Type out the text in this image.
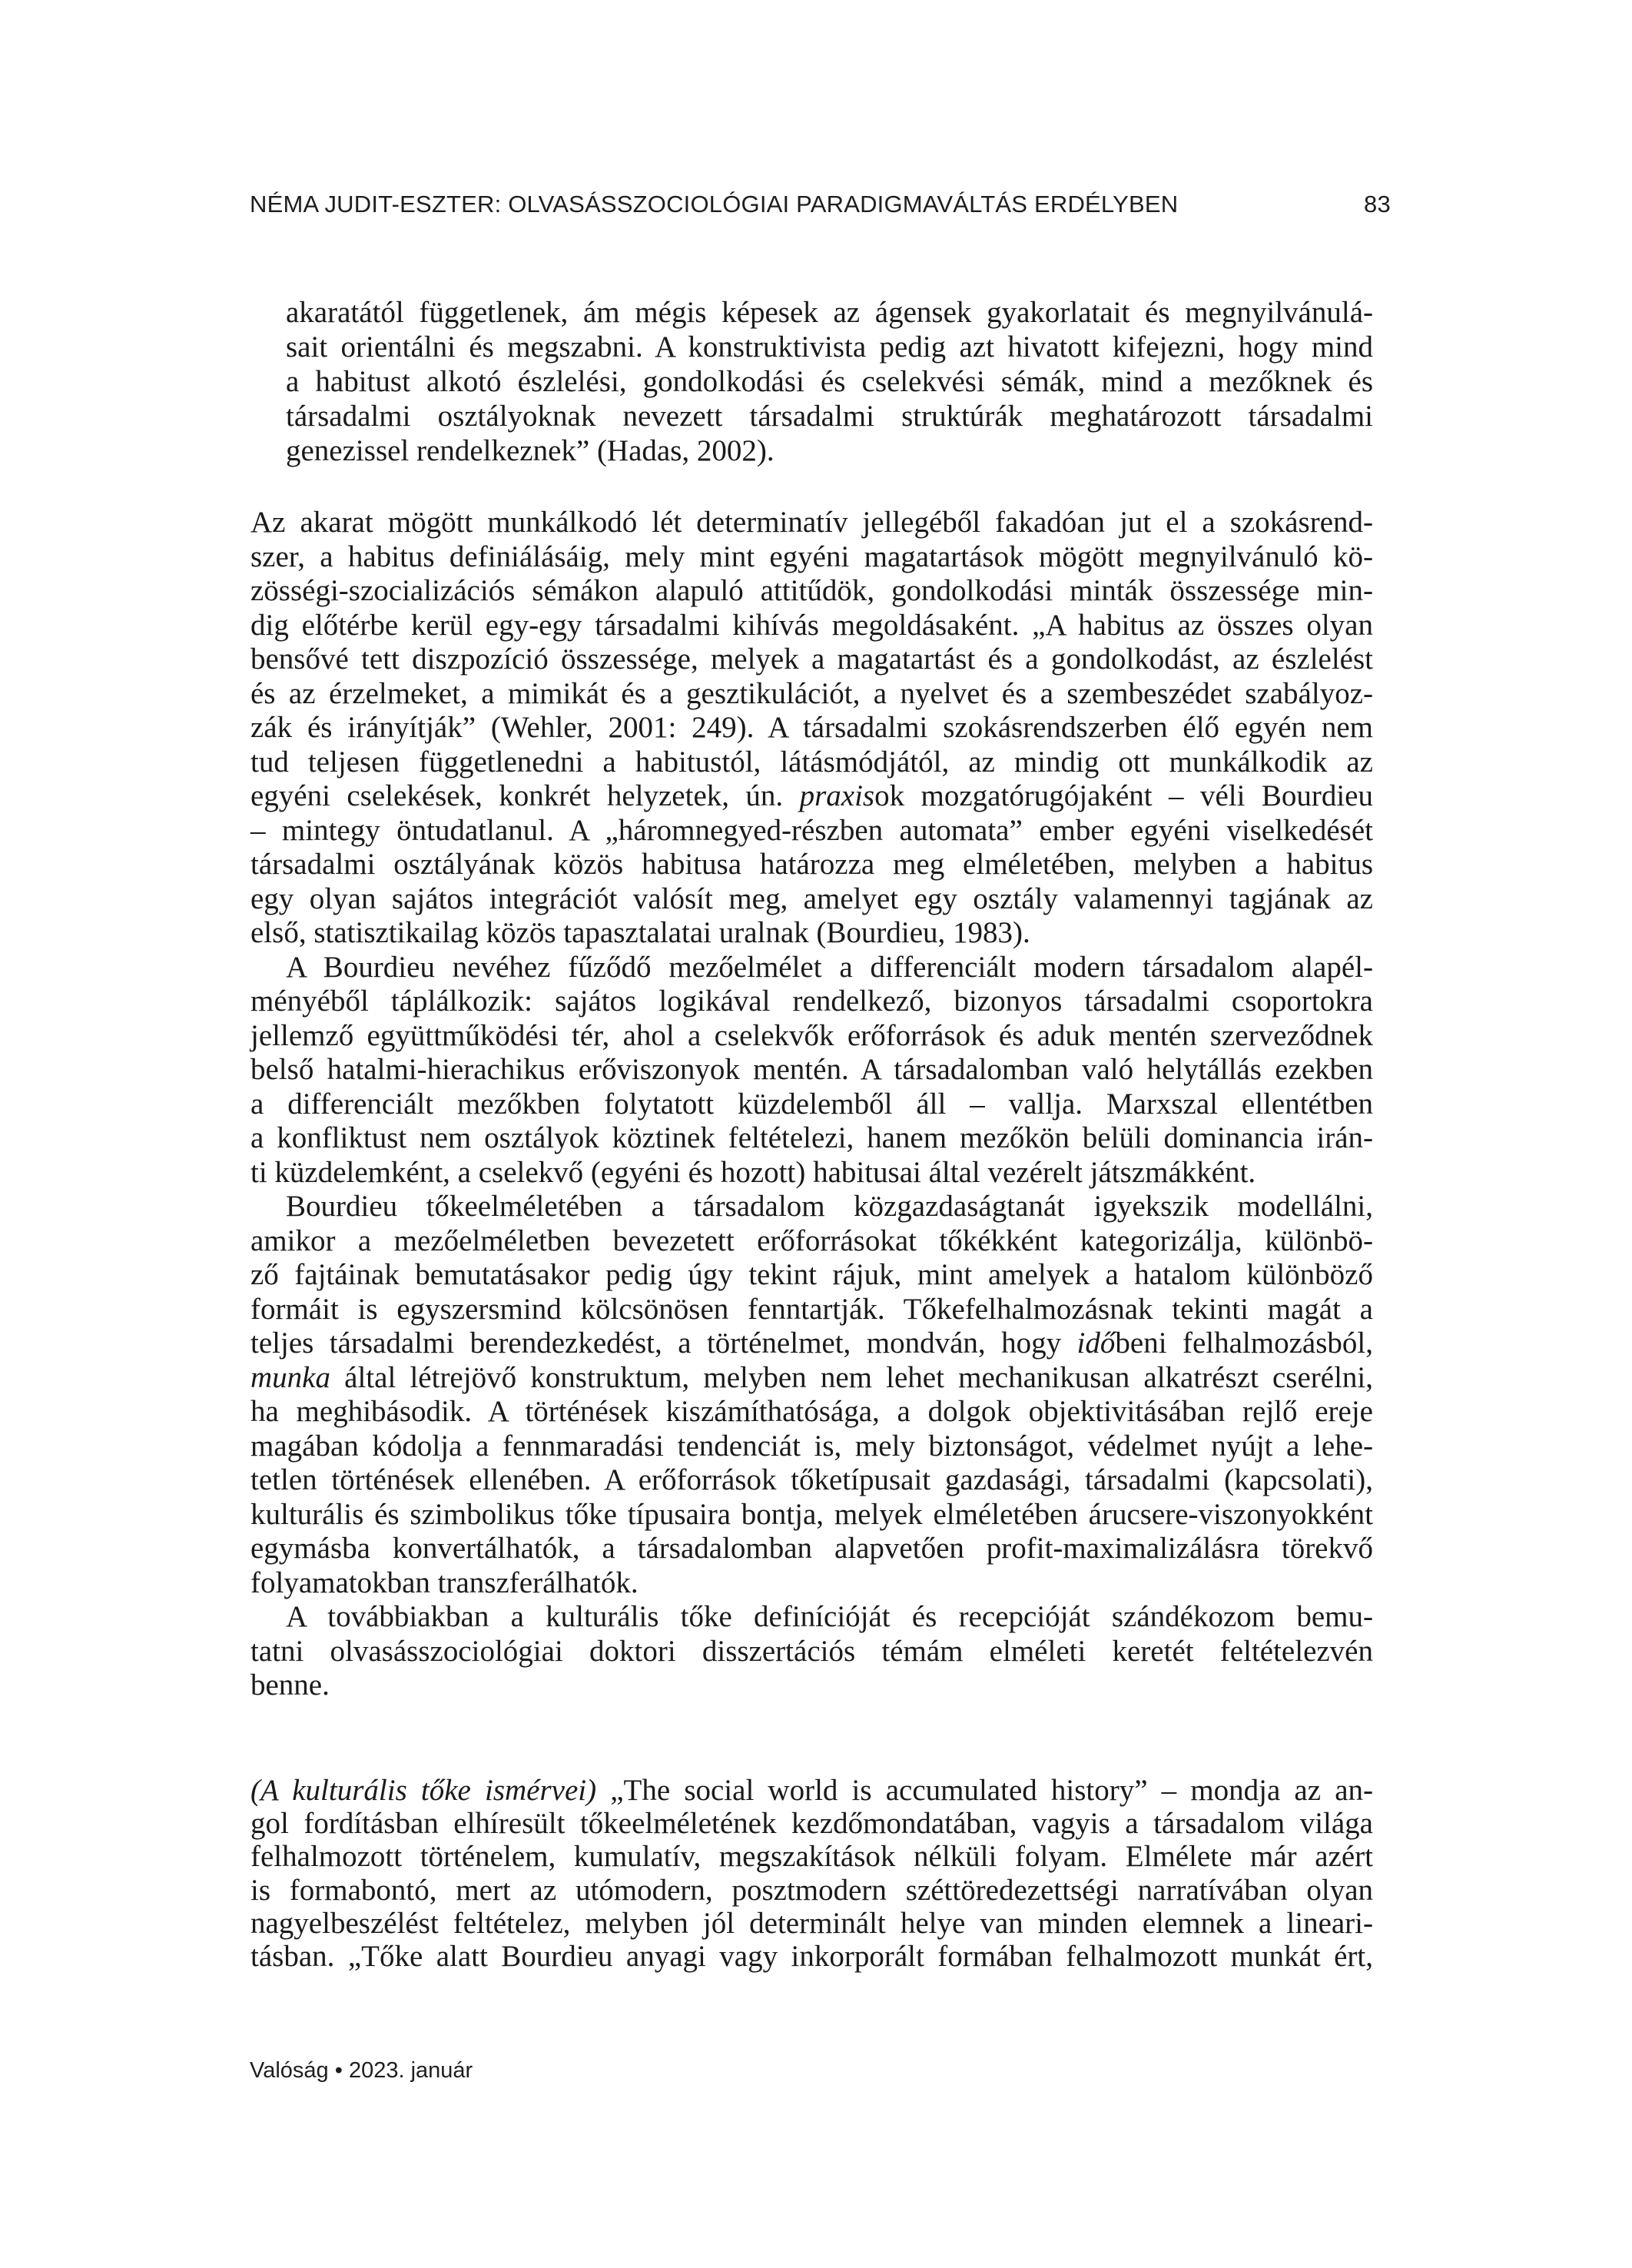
NÉMA JUDIT-ESZTER: OLVASÁSSZOCIOLÓGIAI PARADIGMAVÁLTÁS ERDÉLYBEN	83
akaratától függetlenek, ám mégis képesek az ágensek gyakorlatait és megnyilvánulá-
sait orientálni és megszabni. A konstruktivista pedig azt hivatott kifejezni, hogy mind
a habitust alkotó észlelési, gondolkodási és cselekvési sémák, mind a mezőknek és
társadalmi osztályoknak nevezett társadalmi struktúrák meghatározott társadalmi
genezissel rendelkeznek” (Hadas, 2002).
Az akarat mögött munkálkodó lét determinatív jellegéből fakadóan jut el a szokásrend-
szer, a habitus definiálásáig, mely mint egyéni magatartások mögött megnyilvánuló kö-
zösségi-szocializációs sémákon alapuló attitűdök, gondolkodási minták összessége min-
dig előtérbe kerül egy-egy társadalmi kihívás megoldásaként. „A habitus az összes olyan
bensővé tett diszpozíció összessége, melyek a magatartást és a gondolkodást, az észlelést
és az érzelmeket, a mimikát és a gesztikulációt, a nyelvet és a szembeszédet szabályoz-
zák és irányítják” (Wehler, 2001: 249). A társadalmi szokásrendszerben élő egyén nem
tud teljesen függetlenedni a habitustól, látásmódjától, az mindig ott munkálkodik az
egyéni cselekések, konkrét helyzetek, ún. praxisok mozgatórugójaként – véli Bourdieu
– mintegy öntudatlanul. A „háromnegyed-részben automata” ember egyéni viselkedését
társadalmi osztályának közös habitusa határozza meg elméletében, melyben a habitus
egy olyan sajátos integrációt valósít meg, amelyet egy osztály valamennyi tagjának az
első, statisztikailag közös tapasztalatai uralnak (Bourdieu, 1983).
A Bourdieu nevéhez fűződő mezőelmélet a differenciált modern társadalom alapél-
ményéből táplálkozik: sajátos logikával rendelkező, bizonyos társadalmi csoportokra
jellemző együttműködési tér, ahol a cselekvők erőforrások és aduk mentén szerveződnek
belső hatalmi-hierachikus erőviszonyok mentén. A társadalomban való helytállás ezekben
a differenciált mezőkben folytatott küzdelemből áll – vallja. Marxszal ellentétben
a konfliktust nem osztályok köztinek feltételezi, hanem mezőkön belüli dominancia irán-
ti küzdelemként, a cselekvő (egyéni és hozott) habitusai által vezérelt játszmákként.
Bourdieu tőkeelméletében a társadalom közgazdaságtanát igyekszik modellálni,
amikor a mezőelméletben bevezetett erőforrásokat tőkékként kategorizálja, különbö-
ző fajtáinak bemutatásakor pedig úgy tekint rájuk, mint amelyek a hatalom különböző
formáit is egyszersmind kölcsönösen fenntartják. Tőkefelhalmozásnak tekinti magát a
teljes társadalmi berendezkedést, a történelmet, mondván, hogy időbeni felhalmozásból,
munka által létrejövő konstruktum, melyben nem lehet mechanikusan alkatrészt cserélni,
ha meghibásodik. A történések kiszámíthatósága, a dolgok objektivitásában rejlő ereje
magában kódolja a fennmaradási tendenciát is, mely biztonságot, védelmet nyújt a lehe-
tetlen történések ellenében. A erőforrások tőketípusait gazdasági, társadalmi (kapcsolati),
kulturális és szimbolikus tőke típusaira bontja, melyek elméletében árucsere-viszonyokként
egymásba konvertálhatók, a társadalomban alapvetően profit-maximalizálásra törekvő
folyamatokban transzferálhatók.
A továbbiakban a kulturális tőke definícióját és recepcióját szándékozom bemu-
tatni olvasásszociológiai doktori disszertációs témám elméleti keretét feltételezvén
benne.
(A kulturális tőke ismérvei) „The social world is accumulated history” – mondja az an-
gol fordításban elhíresült tőkeelméletének kezdőmondatában, vagyis a társadalom világa
felhalmozott történelem, kumulatív, megszakítások nélküli folyam. Elmélete már azért
is formabontó, mert az utómodern, posztmodern széttöredezettségi narratívában olyan
nagyelbeszélést feltételez, melyben jól determinált helye van minden elemnek a lineari-
tásban. „Tőke alatt Bourdieu anyagi vagy inkorporált formában felhalmozott munkát ért,
Valóság • 2023. január
